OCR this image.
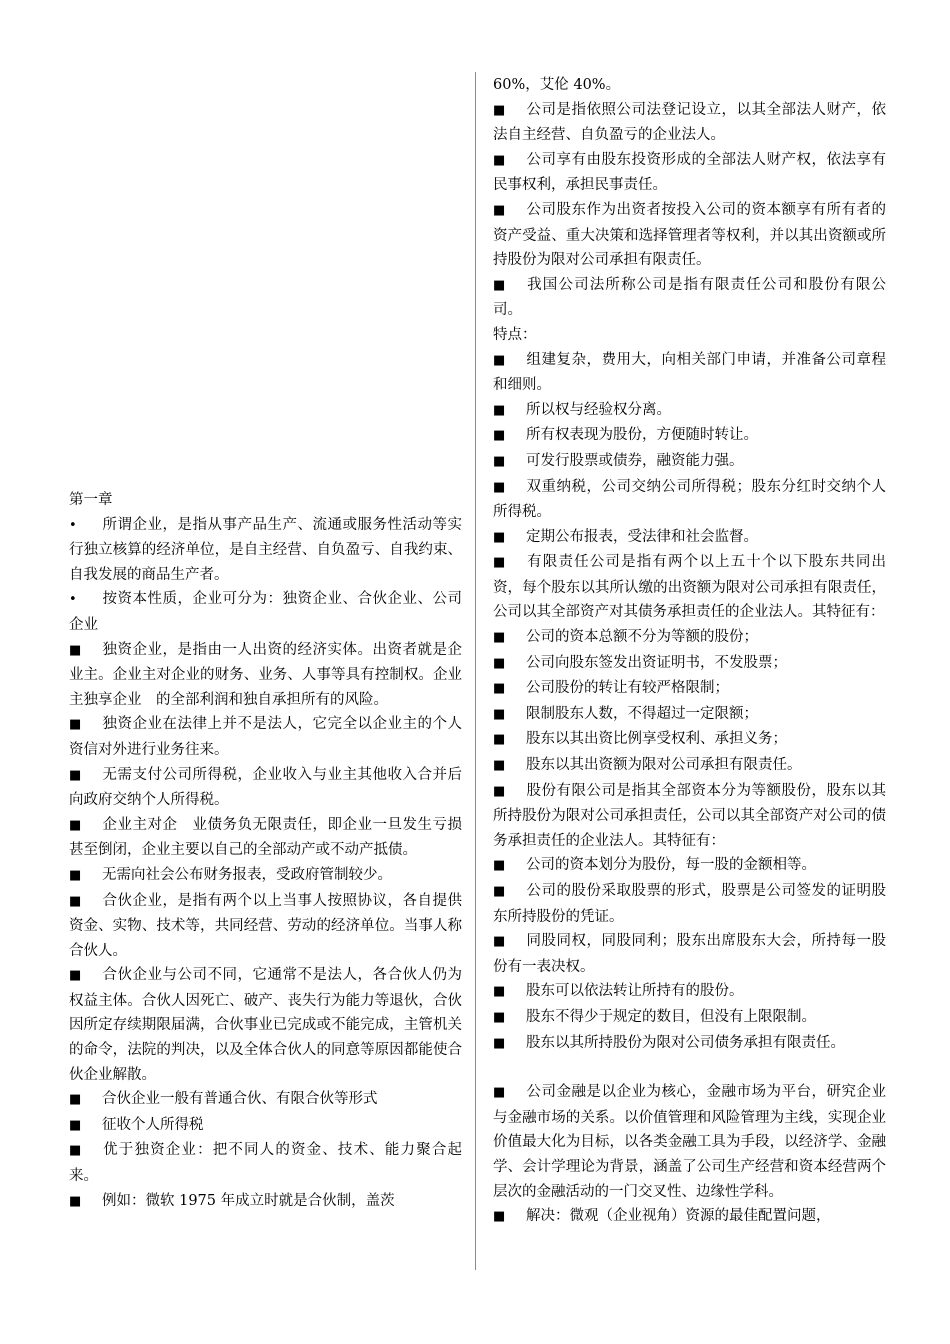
第一章

• 所谓企业，是指从事产品生产、流通或服务性活动等实行独立核算的经济单位，是自主经营、自负盈亏、自我约束、自我发展的商品生产者。

• 按资本性质，企业可分为：独资企业、合伙企业、公司企业

■ 独资企业，是指由一人出资的经济实体。出资者就是企业主。企业主对企业的财务、业务、人事等具有控制权。企业主独享企业　的全部利润和独自承担所有的风险。

■ 独资企业在法律上并不是法人，它完全以企业主的个人资信对外进行业务往来。

■ 无需支付公司所得税，企业收入与业主其他收入合并后向政府交纳个人所得税。

■ 企业主对企　业债务负无限责任，即企业一旦发生亏损甚至倒闭，企业主要以自己的全部动产或不动产抵债。

■ 无需向社会公布财务报表，受政府管制较少。

■ 合伙企业，是指有两个以上当事人按照协议，各自提供资金、实物、技术等，共同经营、劳动的经济单位。当事人称合伙人。

■ 合伙企业与公司不同，它通常不是法人，各合伙人仍为权益主体。合伙人因死亡、破产、丧失行为能力等退伙，合伙因所定存续期限届满，合伙事业已完成或不能完成，主管机关的命令，法院的判决，以及全体合伙人的同意等原因都能使合伙企业解散。

■ 合伙企业一般有普通合伙、有限合伙等形式

■ 征收个人所得税

■ 优于独资企业：把不同人的资金、技术、能力聚合起来。

■ 例如：微软 1975 年成立时就是合伙制，盖茨

60%，艾伦 40%。

■ 公司是指依照公司法登记设立，以其全部法人财产，依法自主经营、自负盈亏的企业法人。

■ 公司享有由股东投资形成的全部法人财产权，依法享有民事权利，承担民事责任。

■ 公司股东作为出资者按投入公司的资本额享有所有者的资产受益、重大决策和选择管理者等权利，并以其出资额或所持股份为限对公司承担有限责任。

■ 我国公司法所称公司是指有限责任公司和股份有限公司。

特点：

■ 组建复杂，费用大，向相关部门申请，并准备公司章程和细则。

■ 所以权与经验权分离。

■ 所有权表现为股份，方便随时转让。

■ 可发行股票或债券，融资能力强。

■ 双重纳税，公司交纳公司所得税；股东分红时交纳个人所得税。

■ 定期公布报表，受法律和社会监督。

■ 有限责任公司是指有两个以上五十个以下股东共同出资，每个股东以其所认缴的出资额为限对公司承担有限责任，公司以其全部资产对其债务承担责任的企业法人。其特征有：

■ 公司的资本总额不分为等额的股份；

■ 公司向股东签发出资证明书，不发股票；

■ 公司股份的转让有较严格限制；

■ 限制股东人数，不得超过一定限额；

■ 股东以其出资比例享受权利、承担义务；

■ 股东以其出资额为限对公司承担有限责任。

■ 股份有限公司是指其全部资本分为等额股份，股东以其所持股份为限对公司承担责任，公司以其全部资产对公司的债务承担责任的企业法人。其特征有：

■ 公司的资本划分为股份，每一股的金额相等。

■ 公司的股份采取股票的形式，股票是公司签发的证明股东所持股份的凭证。

■ 同股同权，同股同利；股东出席股东大会，所持每一股份有一表决权。

■ 股东可以依法转让所持有的股份。

■ 股东不得少于规定的数目，但没有上限限制。

■ 股东以其所持股份为限对公司债务承担有限责任。

■ 公司金融是以企业为核心，金融市场为平台，研究企业与金融市场的关系。以价值管理和风险管理为主线，实现企业价值最大化为目标，以各类金融工具为手段，以经济学、金融学、会计学理论为背景，涵盖了公司生产经营和资本经营两个层次的金融活动的一门交叉性、边缘性学科。

■ 解决：微观（企业视角）资源的最佳配置问题，
